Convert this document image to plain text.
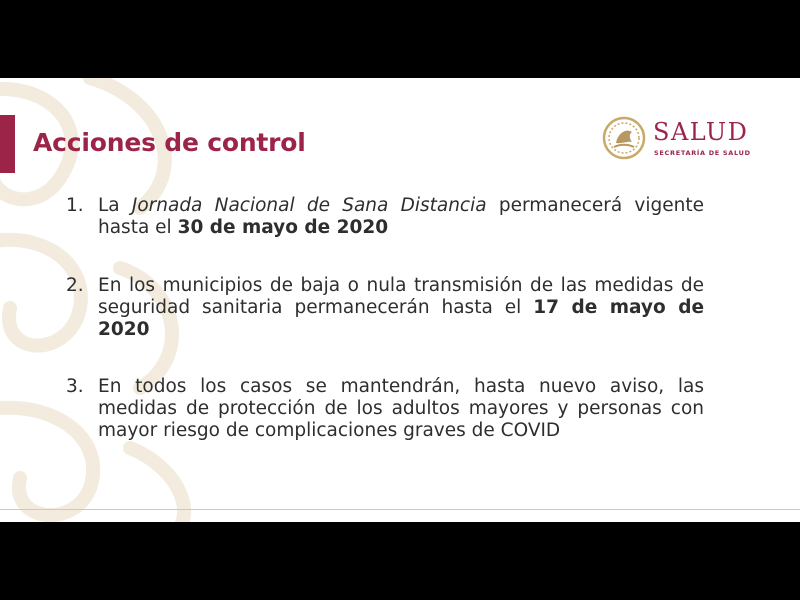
Acciones de control	SALUD
SECRETARÍA DE SALUD
1. La Jornada Nacional de Sana Distancia permanecerá vigente hasta el 30 de mayo de 2020
2. En los municipios de baja o nula transmisión de las medidas de seguridad sanitaria permanecerán hasta el 17 de mayo de 2020
3. En todos los casos se mantendrán, hasta nuevo aviso, las medidas de protección de los adultos mayores y personas con mayor riesgo de complicaciones graves de COVID
